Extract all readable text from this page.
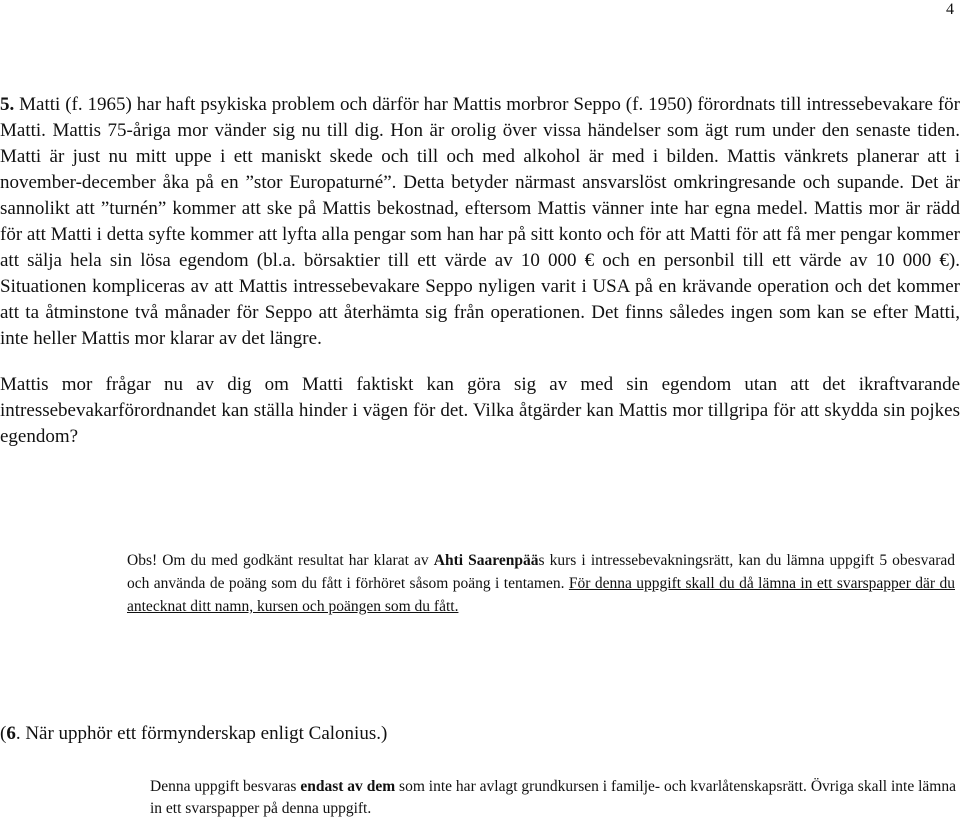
4

5. Matti (f. 1965) har haft psykiska problem och därför har Mattis morbror Seppo (f. 1950) förordnats till intressebevakare för Matti. Mattis 75-åriga mor vänder sig nu till dig. Hon är orolig över vissa händelser som ägt rum under den senaste tiden. Matti är just nu mitt uppe i ett maniskt skede och till och med alkohol är med i bilden. Mattis vänkrets planerar att i november-december åka på en ”stor Europaturné”. Detta betyder närmast ansvarslöst omkringresande och supande. Det är sannolikt att ”turnén” kommer att ske på Mattis bekostnad, eftersom Mattis vänner inte har egna medel. Mattis mor är rädd för att Matti i detta syfte kommer att lyfta alla pengar som han har på sitt konto och för att Matti för att få mer pengar kommer att sälja hela sin lösa egendom (bl.a. börsaktier till ett värde av 10 000 € och en personbil till ett värde av 10 000 €). Situationen kompliceras av att Mattis intressebevakare Seppo nyligen varit i USA på en krävande operation och det kommer att ta åtminstone två månader för Seppo att återhämta sig från operationen. Det finns således ingen som kan se efter Matti, inte heller Mattis mor klarar av det längre.

Mattis mor frågar nu av dig om Matti faktiskt kan göra sig av med sin egendom utan att det ikraftvarande intressebevakarförordnandet kan ställa hinder i vägen för det. Vilka åtgärder kan Mattis mor tillgripa för att skydda sin pojkes egendom?

Obs! Om du med godkänt resultat har klarat av Ahti Saarenpääs kurs i intressebevakningsrätt, kan du lämna uppgift 5 obesvarad och använda de poäng som du fått i förhöret såsom poäng i tentamen. För denna uppgift skall du då lämna in ett svarspapper där du antecknat ditt namn, kursen och poängen som du fått.

(6. När upphör ett förmynderskap enligt Calonius.)

Denna uppgift besvaras endast av dem som inte har avlagt grundkursen i familje- och kvarlåtenskapsrätt. Övriga skall inte lämna in ett svarspapper på denna uppgift.
